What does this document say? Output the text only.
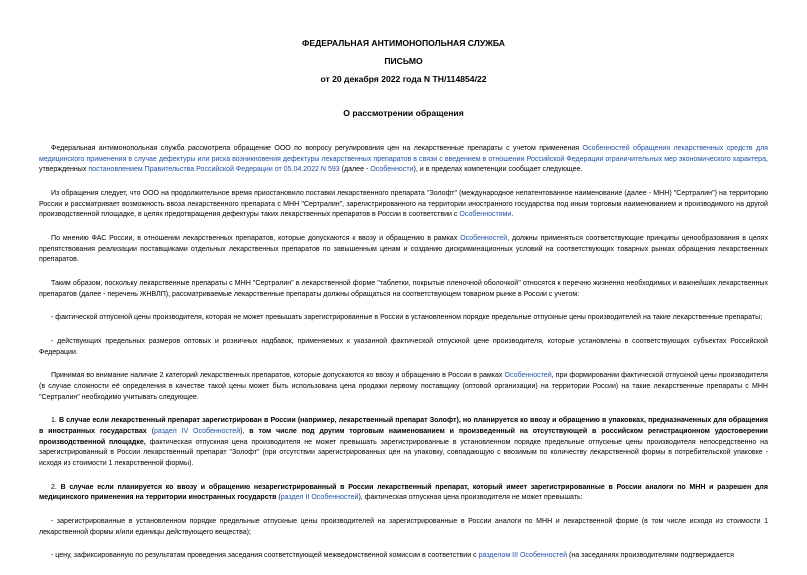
ФЕДЕРАЛЬНАЯ АНТИМОНОПОЛЬНАЯ СЛУЖБА
ПИСЬМО
от 20 декабря 2022 года N ТН/114854/22
О рассмотрении обращения

Федеральная антимонопольная служба рассмотрела обращение ООО по вопросу регулирования цен на лекарственные препараты с учетом применения Особенностей обращения лекарственных средств для медицинского применения в случае дефектуры или риска возникновения дефектуры лекарственных препаратов в связи с введением в отношении Российской Федерации ограничительных мер экономического характера, утвержденных постановлением Правительства Российской Федерации от 05.04.2022 N 593 (далее - Особенности), и в пределах компетенции сообщает следующее.

Из обращения следует, что ООО на продолжительное время приостановило поставки лекарственного препарата "Золофт" (международное непатентованное наименование (далее - МНН) "Сертралин") на территорию России и рассматривает возможность ввоза лекарственного препарата с МНН "Сертралин", зарегистрированного на территории иностранного государства под иным торговым наименованием и производимого на другой производственной площадке, в целях предотвращения дефектуры таких лекарственных препаратов в России в соответствии с Особенностями.

По мнению ФАС России, в отношении лекарственных препаратов, которые допускаются к ввозу и обращению в рамках Особенностей, должны применяться соответствующие принципы ценообразования в целях препятствования реализации поставщиками отдельных лекарственных препаратов по завышенным ценам и созданию дискриминационных условий на соответствующих товарных рынках обращения лекарственных препаратов.

Таким образом, поскольку лекарственные препараты с МНН "Сертралин" в лекарственной форме "таблетки, покрытые пленочной оболочкой" относятся к перечню жизненно необходимых и важнейших лекарственных препаратов (далее - перечень ЖНВЛП), рассматриваемые лекарственные препараты должны обращаться на соответствующем товарном рынке в России с учетом:

- фактической отпускной цены производителя, которая не может превышать зарегистрированные в России в установленном порядке предельные отпускные цены производителей на такие лекарственные препараты;

- действующих предельных размеров оптовых и розничных надбавок, применяемых к указанной фактической отпускной цене производителя, которые установлены в соответствующих субъектах Российской Федерации.

Принимая во внимание наличие 2 категорий лекарственных препаратов, которые допускаются ко ввозу и обращению в России в рамках Особенностей, при формировании фактической отпускной цены производителя (в случае сложности её определения в качестве такой цены может быть использована цена продажи первому поставщику (оптовой организации) на территории России) на такие лекарственные препараты с МНН "Сертралин" необходимо учитывать следующее.

1. В случае если лекарственный препарат зарегистрирован в России (например, лекарственный препарат Золофт), но планируется ко ввозу и обращению в упаковках, предназначенных для обращения в иностранных государствах (раздел IV Особенностей), в том числе под другим торговым наименованием и произведенный на отсутствующей в российском регистрационном удостоверении производственной площадке, фактическая отпускная цена производителя не может превышать зарегистрированные в установленном порядке предельные отпускные цены производителя непосредственно на зарегистрированный в России лекарственный препарат "Золофт" (при отсутствии зарегистрированных цен на упаковку, совпадающую с ввозимым по количеству лекарственной формы в потребительской упаковке - исходя из стоимости 1 лекарственной формы).

2. В случае если планируется ко ввозу и обращению незарегистрированный в России лекарственный препарат, который имеет зарегистрированные в России аналоги по МНН и разрешен для медицинского применения на территории иностранных государств (раздел II Особенностей), фактическая отпускная цена производителя не может превышать:

- зарегистрированные в установленном порядке предельные отпускные цены производителей на зарегистрированные в России аналоги по МНН и лекарственной форме (в том числе исходя из стоимости 1 лекарственной формы и/или единицы действующего вещества);

- цену, зафиксированную по результатам проведения заседания соответствующей межведомственной комиссии в соответствии с разделом III Особенностей (на заседаниях производителями подтверждается
